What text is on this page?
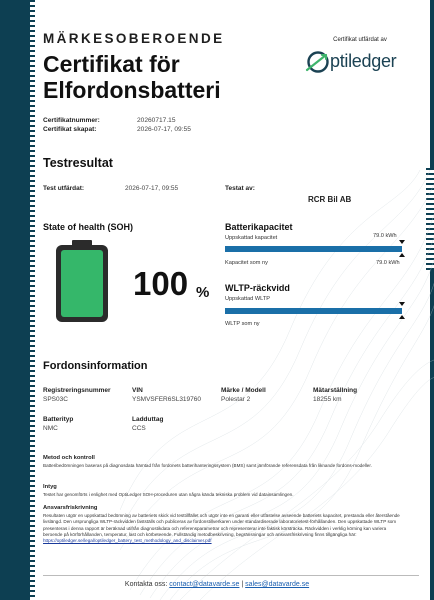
MÄRKESOBEROENDE
Certifikat för
Elfordonsbatteri
Certifikat utfärdat av
ptiledger
Certifikatnummer:	20260717.15
Certifikat skapat:	2026-07-17, 09:55
Testresultat
Test utfärdat:	2026-07-17, 09:55	Testat av:
RCR Bil AB
State of health (SOH)
100 %
Batterikapacitet
Uppskattad kapacitet	79.0 kWh
Kapacitet som ny	79.0 kWh
WLTP-räckvidd
Uppskattad WLTP
WLTP som ny
Fordonsinformation
Registreringsnummer
SPS03C
VIN
YSMVSFER6SL319760
Märke / Modell
Polestar 2
Mätarställning
18255 km
Batterityp
NMC
Ladduttag
CCS
Metod och kontroll
Batteribedömningen baseras på diagnosdata hämtad från fordonets batterihanteringssystem (BMS) samt jämförande referensdata från liknande fordons-modeller.
Intyg
Testet har genomförts i enlighet med OptiLedger SOH-proceduren utan några kända tekniska problem vid datainsamlingen.
Ansvarsfriskrivning
Resultaten utgör en uppskattad bedömning av batteriets skick vid testtillfället och utgör inte en garanti eller utfästelse avseende batteriets kapacitet, prestanda eller återstående livslängd. Den ursprungliga WLTP-räckvidden fastställs och publiceras av fordonstillverkaren under standardiserade laboratorietest-förhållanden. Den uppskattade WLTP som presenteras i denna rapport är beräknad utifrån diagnostikdata och referensparametrar och representerar inte faktisk körsträcka. Räckvidden i verklig körning kan variera beroende på körförhållanden, temperatur, last och körbeteende. Fullständig metodbeskrivning, begränsningar och ansvarsfriskrivning finns tillgängliga här: https://optiledger.se/legal/optiledger_battery_test_methodology_and_disclaimer.pdf
Kontakta oss: contact@datavarde.se | sales@datavarde.se
